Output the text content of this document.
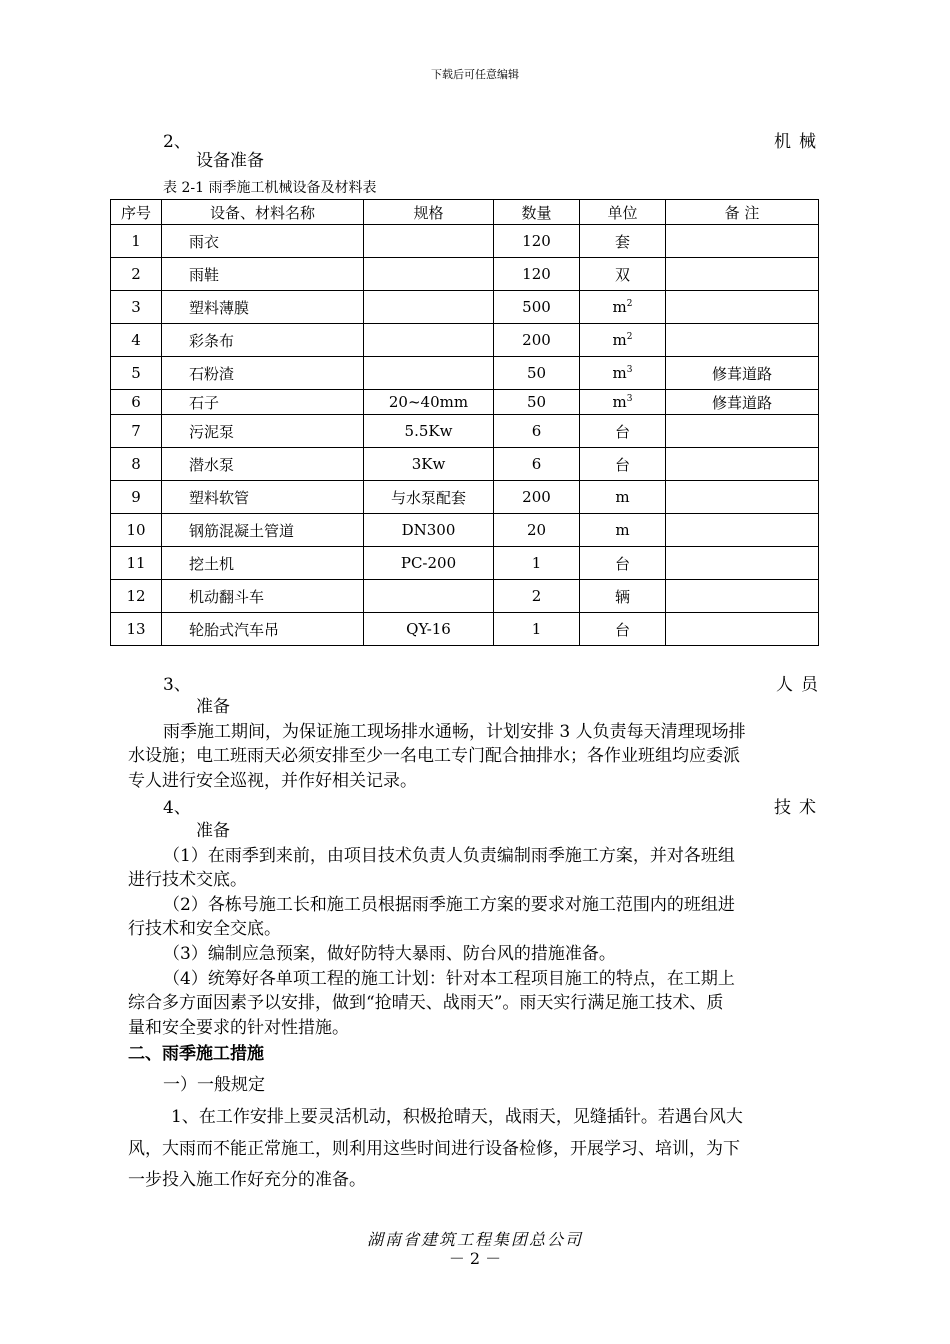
下载后可任意编辑
2、	机械
设备准备
表 2-1 雨季施工机械设备及材料表
序号	设备、材料名称	规格	数量	单位	备 注
1	雨衣		120	套	
2	雨鞋		120	双	
3	塑料薄膜		500	$m^2$	
4	彩条布		200	$m^2$	
5	石粉渣		50	$m^3$	修葺道路
6	石子	20~40mm	50	$m^3$	修葺道路
7	污泥泵	5.5Kw	6	台	
8	潜水泵	3Kw	6	台	
9	塑料软管	与水泵配套	200	m	
10	钢筋混凝土管道	DN300	20	m	
11	挖土机	PC-200	1	台	
12	机动翻斗车		2	辆	
13	轮胎式汽车吊	QY-16	1	台	
3、	人员
准备
雨季施工期间，为保证施工现场排水通畅，计划安排 3 人负责每天清理现场排
水设施；电工班雨天必须安排至少一名电工专门配合抽排水；各作业班组均应委派
专人进行安全巡视，并作好相关记录。
4、	技术
准备
（1）在雨季到来前，由项目技术负责人负责编制雨季施工方案，并对各班组
进行技术交底。
（2）各栋号施工长和施工员根据雨季施工方案的要求对施工范围内的班组进
行技术和安全交底。
（3）编制应急预案，做好防特大暴雨、防台风的措施准备。
（4）统筹好各单项工程的施工计划：针对本工程项目施工的特点，在工期上
综合多方面因素予以安排，做到“抢晴天、战雨天”。雨天实行满足施工技术、质
量和安全要求的针对性措施。
二、雨季施工措施
一）一般规定
1、在工作安排上要灵活机动，积极抢晴天，战雨天，见缝插针。若遇台风大
风，大雨而不能正常施工，则利用这些时间进行设备检修，开展学习、培训，为下
一步投入施工作好充分的准备。
湖南省建筑工程集团总公司
－ 2 －
